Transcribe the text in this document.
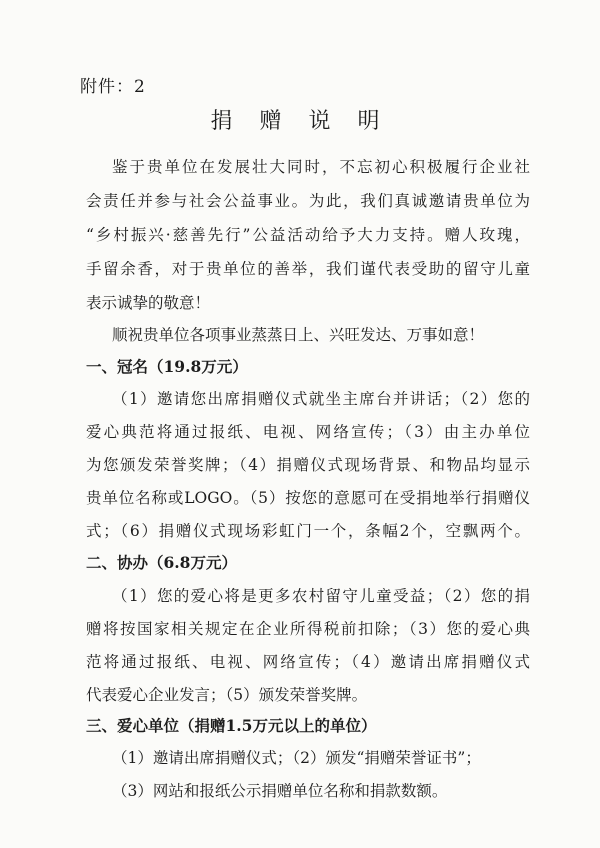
附件：2
捐 赠 说 明
鉴于贵单位在发展壮大同时，不忘初心积极履行企业社
会责任并参与社会公益事业。为此，我们真诚邀请贵单位为
“乡村振兴·慈善先行”公益活动给予大力支持。赠人玫瑰，
手留余香，对于贵单位的善举，我们谨代表受助的留守儿童
表示诚挚的敬意！
顺祝贵单位各项事业蒸蒸日上、兴旺发达、万事如意！
一、冠名（19.8万元）
（1）邀请您出席捐赠仪式就坐主席台并讲话；（2）您的
爱心典范将通过报纸、电视、网络宣传；（3）由主办单位
为您颁发荣誉奖牌；（4）捐赠仪式现场背景、和物品均显示
贵单位名称或LOGO。（5）按您的意愿可在受捐地举行捐赠仪
式；（6）捐赠仪式现场彩虹门一个，条幅2个，空飘两个。
二、协办（6.8万元）
（1）您的爱心将是更多农村留守儿童受益；（2）您的捐
赠将按国家相关规定在企业所得税前扣除；（3）您的爱心典
范将通过报纸、电视、网络宣传；（4）邀请出席捐赠仪式
代表爱心企业发言；（5）颁发荣誉奖牌。
三、爱心单位（捐赠1.5万元以上的单位）
（1）邀请出席捐赠仪式；（2）颁发“捐赠荣誉证书”；
（3）网站和报纸公示捐赠单位名称和捐款数额。
